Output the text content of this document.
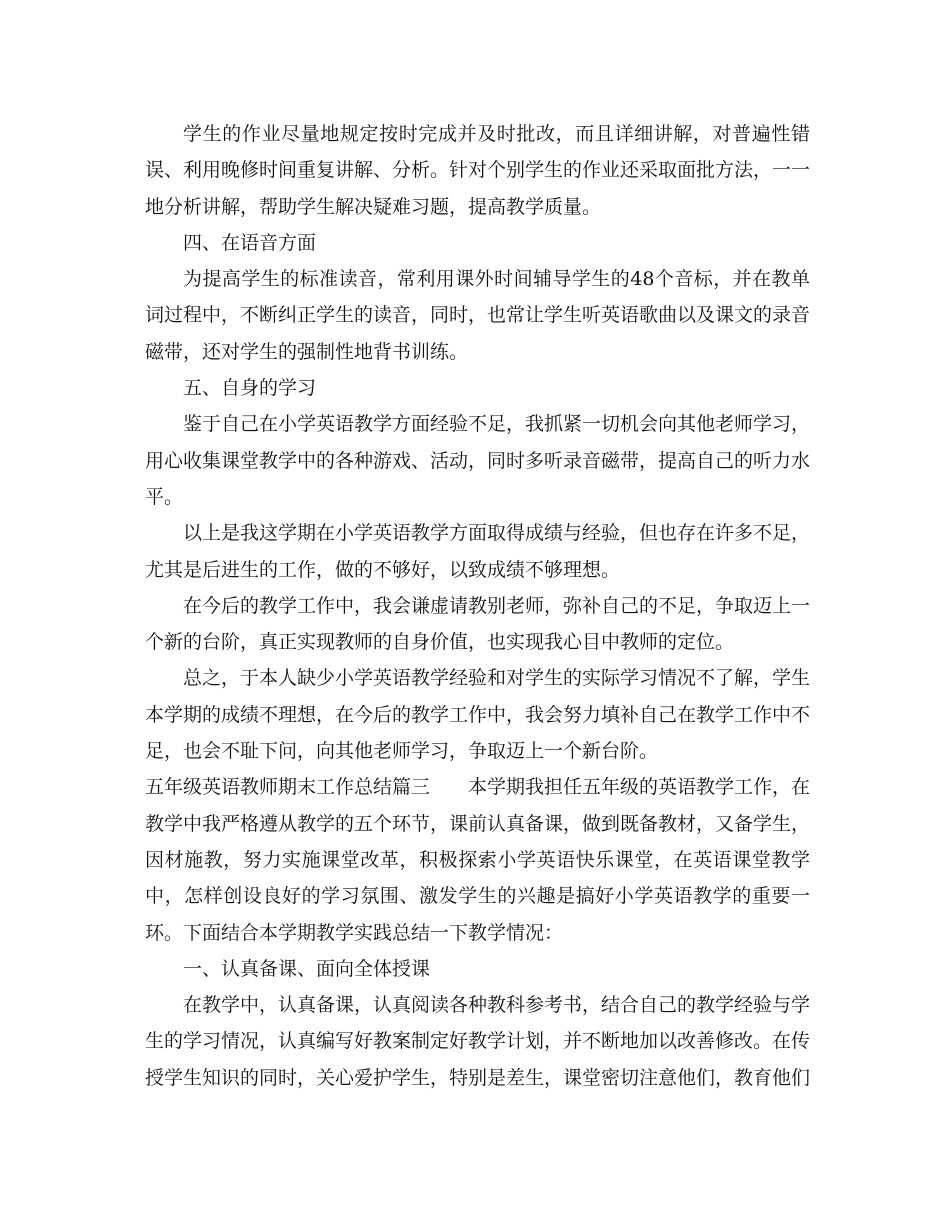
学生的作业尽量地规定按时完成并及时批改，而且详细讲解，对普遍性错误、利用晚修时间重复讲解、分析。针对个别学生的作业还采取面批方法，一一地分析讲解，帮助学生解决疑难习题，提高教学质量。

四、在语音方面

为提高学生的标准读音，常利用课外时间辅导学生的48个音标，并在教单词过程中，不断纠正学生的读音，同时，也常让学生听英语歌曲以及课文的录音磁带，还对学生的强制性地背书训练。

五、自身的学习

鉴于自己在小学英语教学方面经验不足，我抓紧一切机会向其他老师学习，用心收集课堂教学中的各种游戏、活动，同时多听录音磁带，提高自己的听力水平。

以上是我这学期在小学英语教学方面取得成绩与经验，但也存在许多不足，尤其是后进生的工作，做的不够好，以致成绩不够理想。

在今后的教学工作中，我会谦虚请教别老师，弥补自己的不足，争取迈上一个新的台阶，真正实现教师的自身价值，也实现我心目中教师的定位。

总之，于本人缺少小学英语教学经验和对学生的实际学习情况不了解，学生本学期的成绩不理想，在今后的教学工作中，我会努力填补自己在教学工作中不足，也会不耻下问，向其他老师学习，争取迈上一个新台阶。

五年级英语教师期末工作总结篇三　　本学期我担任五年级的英语教学工作，在教学中我严格遵从教学的五个环节，课前认真备课，做到既备教材，又备学生，因材施教，努力实施课堂改革，积极探索小学英语快乐课堂，在英语课堂教学中，怎样创设良好的学习氛围、激发学生的兴趣是搞好小学英语教学的重要一环。下面结合本学期教学实践总结一下教学情况：

一、认真备课、面向全体授课

在教学中，认真备课，认真阅读各种教科参考书，结合自己的教学经验与学生的学习情况，认真编写好教案制定好教学计划，并不断地加以改善修改。在传授学生知识的同时，关心爱护学生，特别是差生，课堂密切注意他们，教育他们
